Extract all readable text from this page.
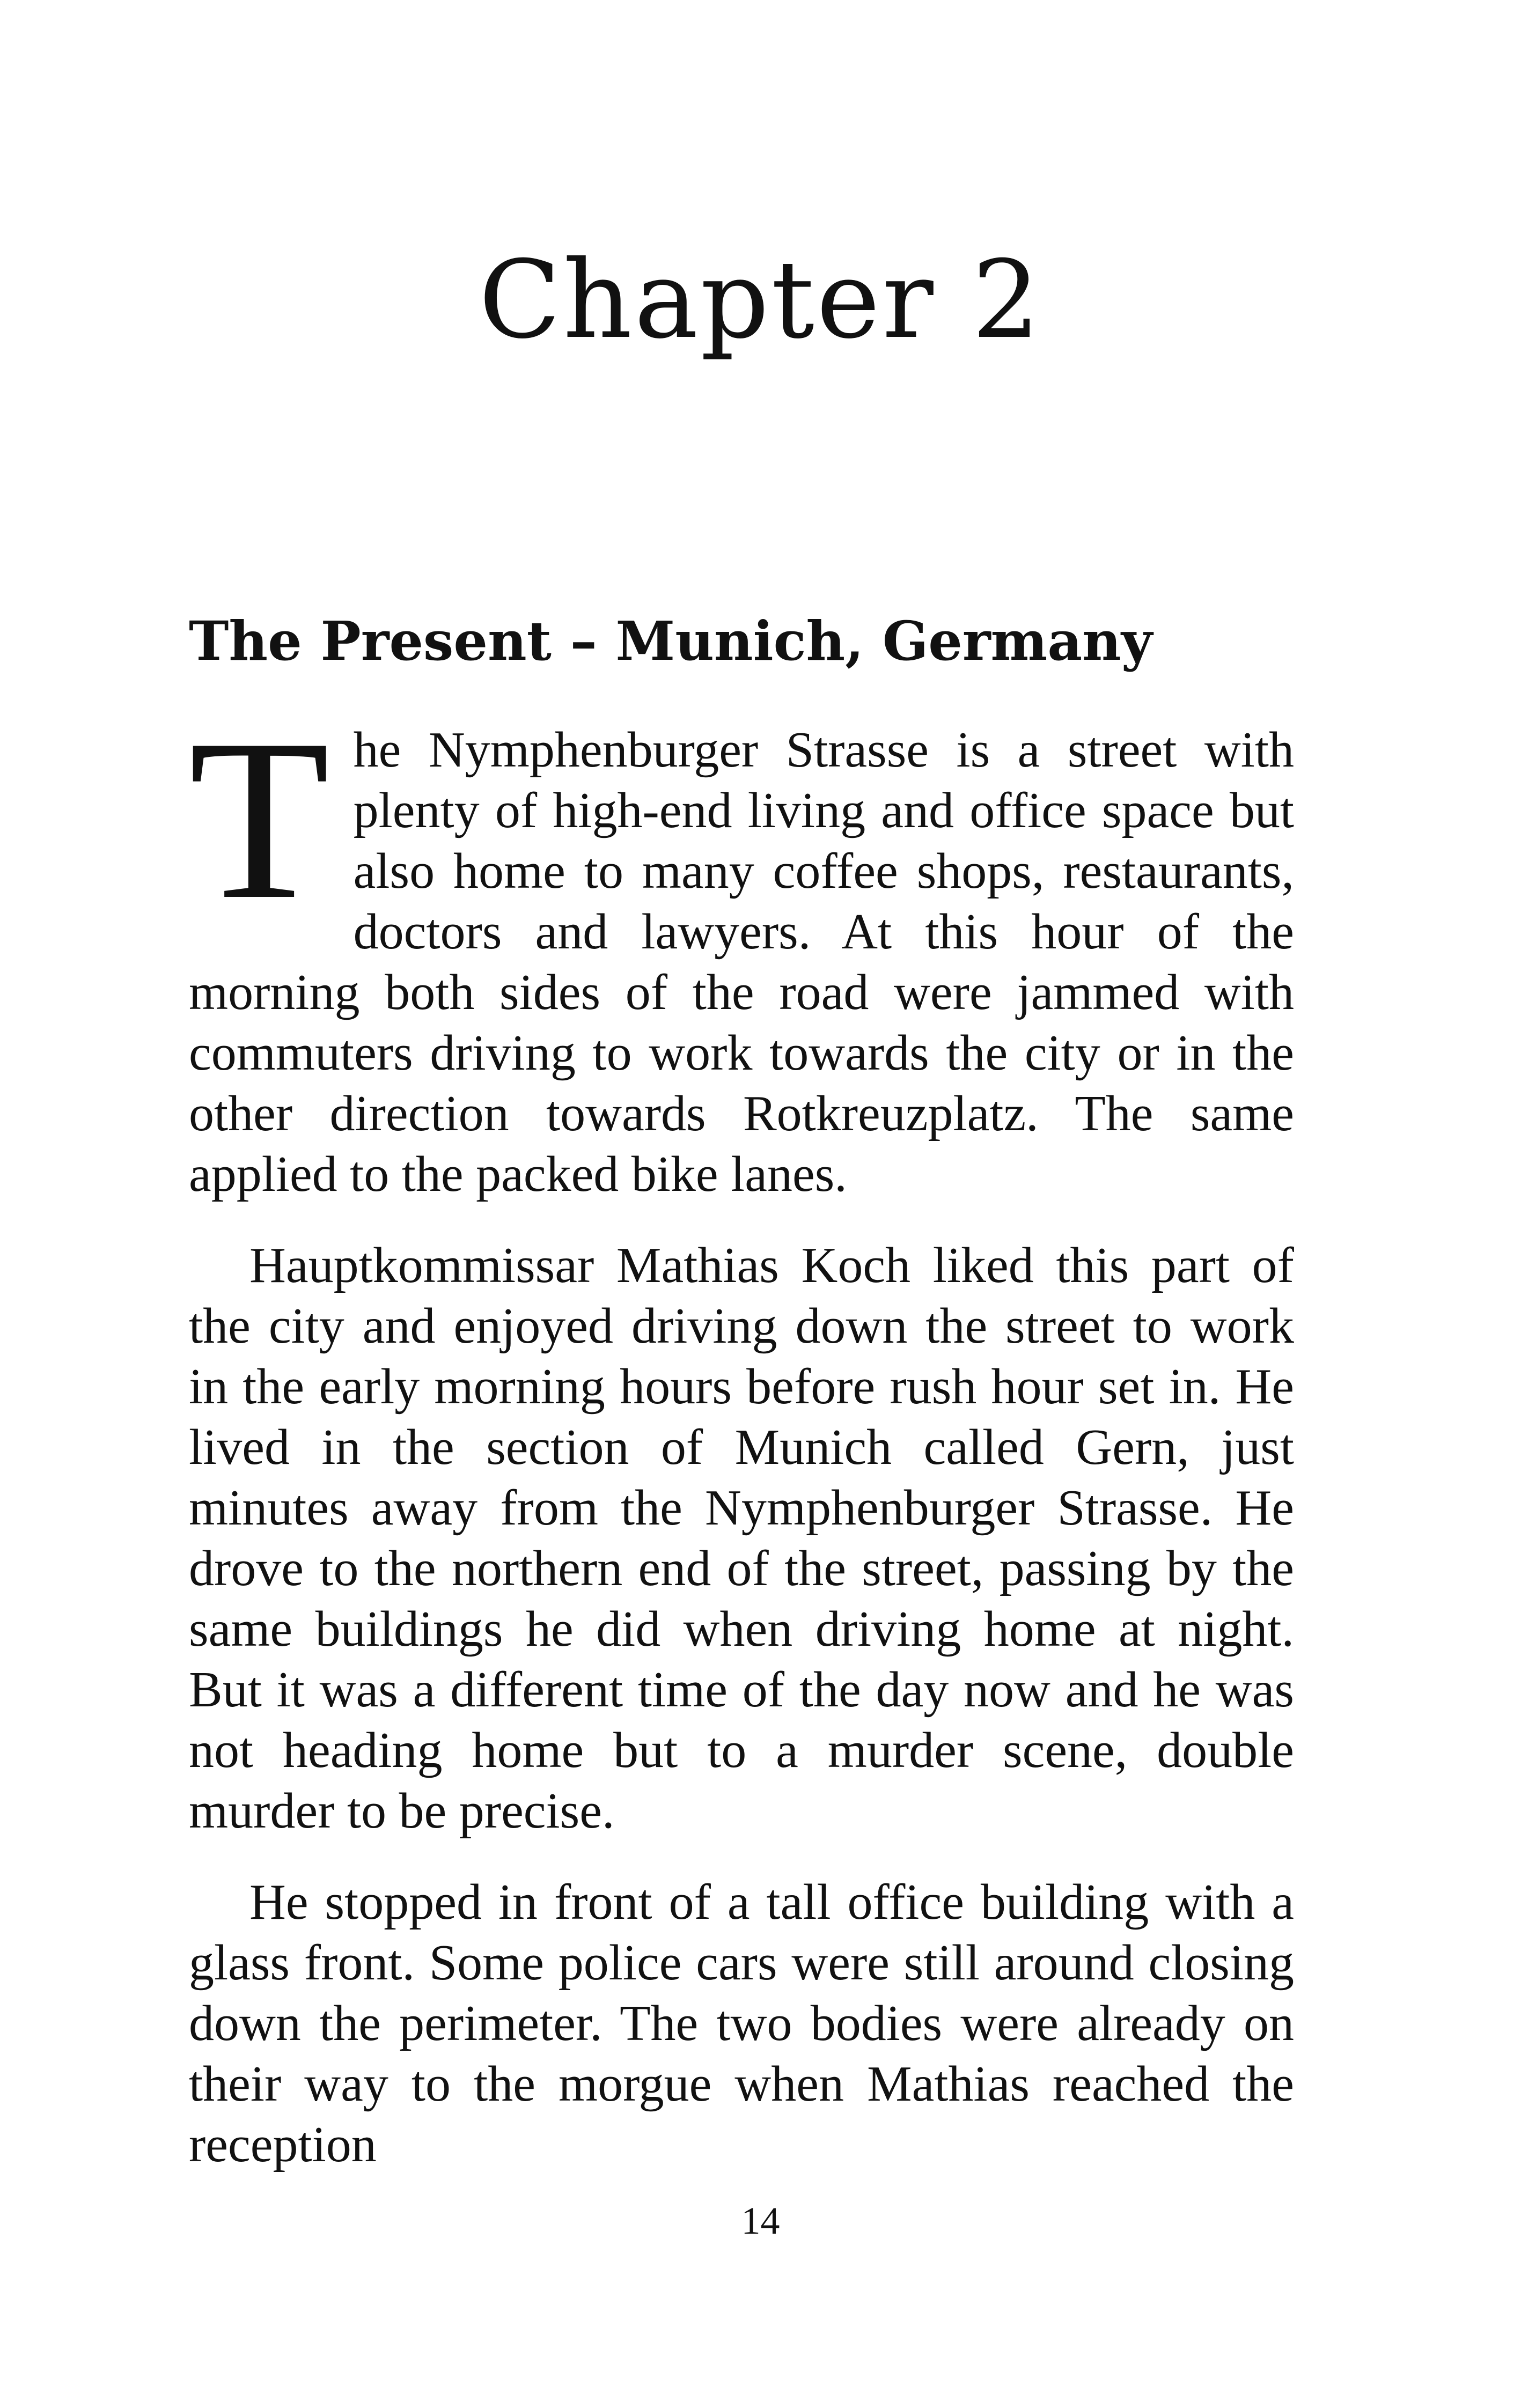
Chapter 2
The Present – Munich, Germany

The Nymphenburger Strasse is a street with plenty of high-end living and office space but also home to many coffee shops, restaurants, doctors and lawyers. At this hour of the morning both sides of the road were jammed with commuters driving to work towards the city or in the other direction towards Rotkreuzplatz. The same applied to the packed bike lanes.

Hauptkommissar Mathias Koch liked this part of the city and enjoyed driving down the street to work in the early morning hours before rush hour set in. He lived in the section of Munich called Gern, just minutes away from the Nymphenburger Strasse. He drove to the northern end of the street, passing by the same buildings he did when driving home at night. But it was a different time of the day now and he was not heading home but to a murder scene, double murder to be precise.

He stopped in front of a tall office building with a glass front. Some police cars were still around closing down the perimeter. The two bodies were already on their way to the morgue when Mathias reached the reception

14
